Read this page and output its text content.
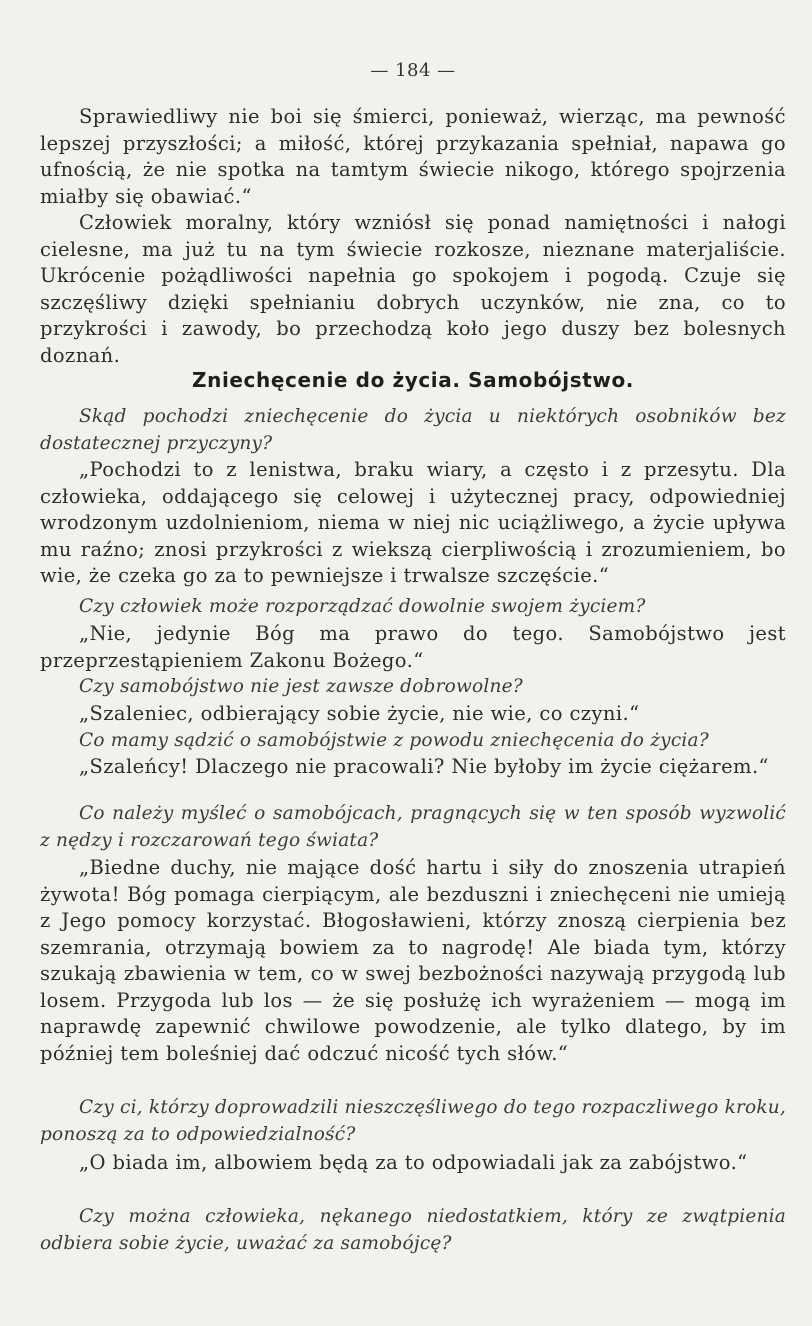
— 184 —

Sprawiedliwy nie boi się śmierci, ponieważ, wierząc, ma pewność lepszej przyszłości; a miłość, której przykazania spełniał, napawa go ufnością, że nie spotka na tamtym świecie nikogo, którego spojrzenia miałby się obawiać.“

Człowiek moralny, który wzniósł się ponad namiętności i nałogi cielesne, ma już tu na tym świecie rozkosze, nieznane materjaliście. Ukrócenie pożądliwości napełnia go spokojem i pogodą. Czuje się szczęśliwy dzięki spełnianiu dobrych uczynków, nie zna, co to przykrości i zawody, bo przechodzą koło jego duszy bez bolesnych doznań.

Zniechęcenie do życia. Samobójstwo.

Skąd pochodzi zniechęcenie do życia u niektórych osobników bez dostatecznej przyczyny?

„Pochodzi to z lenistwa, braku wiary, a często i z przesytu. Dla człowieka, oddającego się celowej i użytecznej pracy, odpowiedniej wrodzonym uzdolnieniom, niema w niej nic uciążliwego, a życie upływa mu raźno; znosi przykrości z wiekszą cierpliwością i zrozumieniem, bo wie, że czeka go za to pewniejsze i trwalsze szczęście.“

Czy człowiek może rozporządzać dowolnie swojem życiem?

„Nie, jedynie Bóg ma prawo do tego. Samobójstwo jest przeprzestąpieniem Zakonu Bożego.“

Czy samobójstwo nie jest zawsze dobrowolne?

„Szaleniec, odbierający sobie życie, nie wie, co czyni.“

Co mamy sądzić o samobójstwie z powodu zniechęcenia do życia?

„Szaleńcy! Dlaczego nie pracowali? Nie byłoby im życie ciężarem.“

Co należy myśleć o samobójcach, pragnących się w ten sposób wyzwolić z nędzy i rozczarowań tego świata?

„Biedne duchy, nie mające dość hartu i siły do znoszenia utrapień żywota! Bóg pomaga cierpiącym, ale bezduszni i zniechęceni nie umieją z Jego pomocy korzystać. Błogosławieni, którzy znoszą cierpienia bez szemrania, otrzymają bowiem za to nagrodę! Ale biada tym, którzy szukają zbawienia w tem, co w swej bezbożności nazywają przygodą lub losem. Przygoda lub los — że się posłużę ich wyrażeniem — mogą im naprawdę zapewnić chwilowe powodzenie, ale tylko dlatego, by im później tem boleśniej dać odczuć nicość tych słów.“

Czy ci, którzy doprowadzili nieszczęśliwego do tego rozpaczliwego kroku, ponoszą za to odpowiedzialność?

„O biada im, albowiem będą za to odpowiadali jak za zabójstwo.“

Czy można człowieka, nękanego niedostatkiem, który ze zwątpienia odbiera sobie życie, uważać za samobójcę?
